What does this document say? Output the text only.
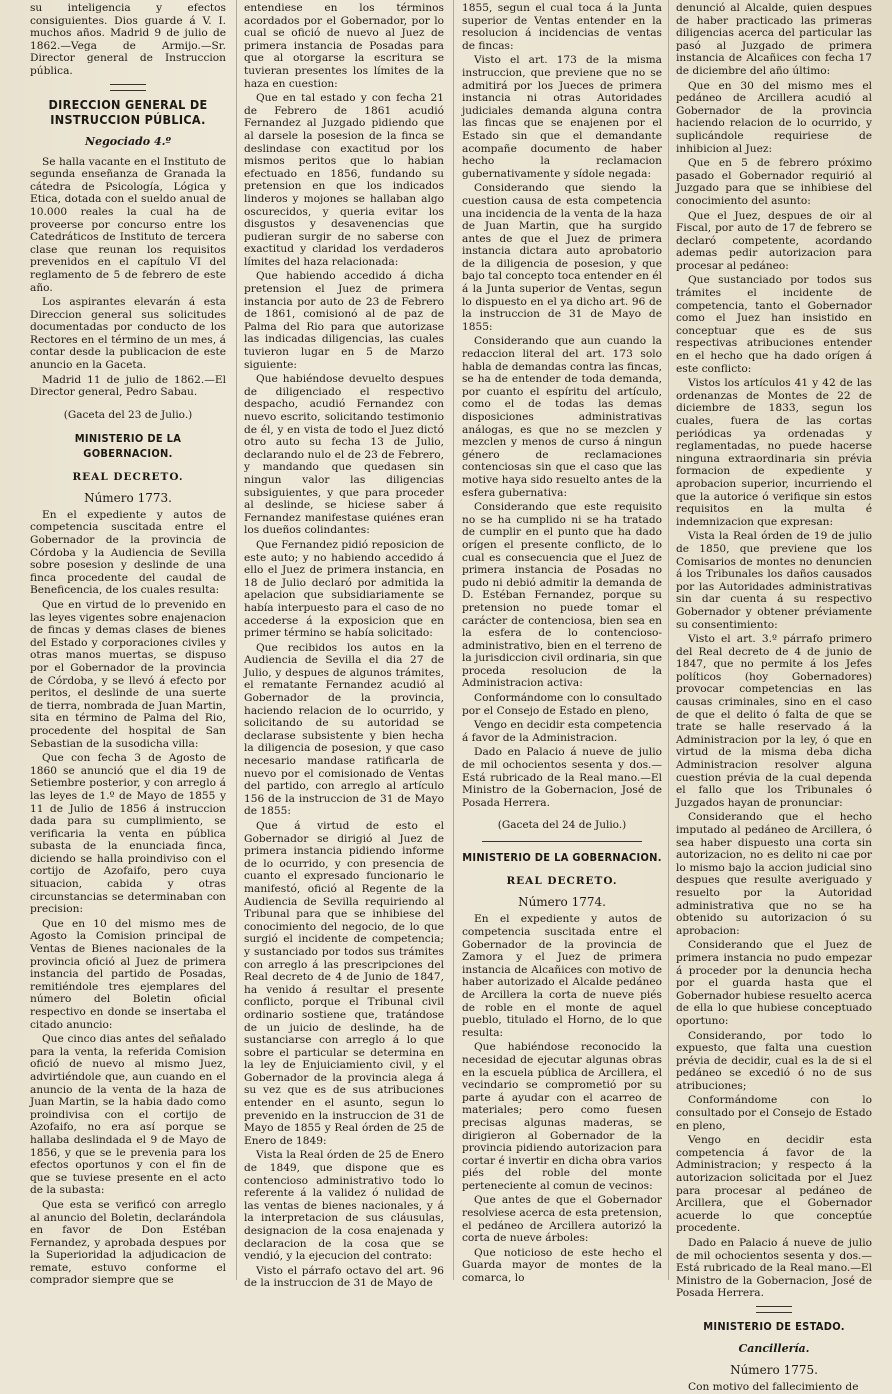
su inteligencia y efectos consiguientes. Dios guarde á V. I. muchos años. Madrid 9 de julio de 1862.—Vega de Armijo.—Sr. Director general de Instruccion pública.

DIRECCION GENERAL DE INSTRUCCION PÚBLICA.
Negociado 4.º

Se halla vacante en el Instituto de segunda enseñanza de Granada la cátedra de Psicología, Lógica y Etica, dotada con el sueldo anual de 10.000 reales la cual ha de proveerse por concurso entre los Catedráticos de Instituto de tercera clase que reunan los requisitos prevenidos en el capítulo VI del reglamento de 5 de febrero de este año.

Los aspirantes elevarán á esta Direccion general sus solicitudes documentadas por conducto de los Rectores en el término de un mes, á contar desde la publicacion de este anuncio en la Gaceta.

Madrid 11 de julio de 1862.—El Director general, Pedro Sabau.

(Gaceta del 23 de Julio.)
MINISTERIO DE LA GOBERNACION.
REAL DECRETO.
Número 1773.

En el expediente y autos de competencia suscitada entre el Gobernador de la provincia de Córdoba y la Audiencia de Sevilla sobre posesion y deslinde de una finca procedente del caudal de Beneficencia, de los cuales resulta:

Que en virtud de lo prevenido en las leyes vigentes sobre enajenacion de fincas y demas clases de bienes del Estado y corporaciones civiles y otras manos muertas, se dispuso por el Gobernador de la provincia de Córdoba, y se llevó á efecto por peritos, el deslinde de una suerte de tierra, nombrada de Juan Martin, sita en término de Palma del Rio, procedente del hospital de San Sebastian de la susodicha villa:

Que con fecha 3 de Agosto de 1860 se anunció que el dia 19 de Setiembre posterior, y con arreglo á las leyes de 1.º de Mayo de 1855 y 11 de Julio de 1856 á instruccion dada para su cumplimiento, se verificaria la venta en pública subasta de la enunciada finca, diciendo se halla proindiviso con el cortijo de Azofaifo, pero cuya situacion, cabida y otras circunstancias se determinaban con precision:

Que en 10 del mismo mes de Agosto la Comision principal de Ventas de Bienes nacionales de la provincia ofició al Juez de primera instancia del partido de Posadas, remitiéndole tres ejemplares del número del Boletin oficial respectivo en donde se insertaba el citado anuncio:

Que cinco dias antes del señalado para la venta, la referida Comision ofició de nuevo al mismo Juez, advirtiéndole que, aun cuando en el anuncio de la venta de la haza de Juan Martin, se la habia dado como proindivisa con el cortijo de Azofaifo, no era así porque se hallaba deslindada el 9 de Mayo de 1856, y que se le prevenia para los efectos oportunos y con el fin de que se tuviese presente en el acto de la subasta:

Que esta se verificó con arreglo al anuncio del Boletin, declarándola en favor de Don Estéban Fernandez, y aprobada despues por la Superioridad la adjudicacion de remate, estuvo conforme el comprador siempre que se

entendiese en los términos acordados por el Gobernador, por lo cual se ofició de nuevo al Juez de primera instancia de Posadas para que al otorgarse la escritura se tuvieran presentes los límites de la haza en cuestion:

Que en tal estado y con fecha 21 de Febrero de 1861 acudió Fernandez al Juzgado pidiendo que al darsele la posesion de la finca se deslindase con exactitud por los mismos peritos que lo habian efectuado en 1856, fundando su pretension en que los indicados linderos y mojones se hallaban algo oscurecidos, y queria evitar los disgustos y desavenencias que pudieran surgir de no saberse con exactitud y claridad los verdaderos límites del haza relacionada:

Que habiendo accedido á dicha pretension el Juez de primera instancia por auto de 23 de Febrero de 1861, comisionó al de paz de Palma del Rio para que autorizase las indicadas diligencias, las cuales tuvieron lugar en 5 de Marzo siguiente:

Que habiéndose devuelto despues de diligenciado el respectivo despacho, acudió Fernandez con nuevo escrito, solicitando testimonio de él, y en vista de todo el Juez dictó otro auto su fecha 13 de Julio, declarando nulo el de 23 de Febrero, y mandando que quedasen sin ningun valor las diligencias subsiguientes, y que para proceder al deslinde, se hiciese saber á Fernandez manifestase quiénes eran los dueños colindantes:

Que Fernandez pidió reposicion de este auto; y no habiendo accedido á ello el Juez de primera instancia, en 18 de Julio declaró por admitida la apelacion que subsidiariamente se había interpuesto para el caso de no accederse á la exposicion que en primer término se había solicitado:

Que recibidos los autos en la Audiencia de Sevilla el dia 27 de Julio, y despues de algunos trámites, el rematante Fernandez acudió al Gobernador de la provincia, haciendo relacion de lo ocurrido, y solicitando de su autoridad se declarase subsistente y bien hecha la diligencia de posesion, y que caso necesario mandase ratificarla de nuevo por el comisionado de Ventas del partido, con arreglo al artículo 156 de la instruccion de 31 de Mayo de 1855:

Que á virtud de esto el Gobernador se dirigió al Juez de primera instancia pidiendo informe de lo ocurrido, y con presencia de cuanto el expresado funcionario le manifestó, ofició al Regente de la Audiencia de Sevilla requiriendo al Tribunal para que se inhibiese del conocimiento del negocio, de lo que surgió el incidente de competencia; y sustanciado por todos sus trámites con arreglo á las prescripciones del Real decreto de 4 de Junio de 1847, ha venido á resultar el presente conflicto, porque el Tribunal civil ordinario sostiene que, tratándose de un juicio de deslinde, ha de sustanciarse con arreglo á lo que sobre el particular se determina en la ley de Enjuiciamiento civil, y el Gobernador de la provincia alega á su vez que es de sus atribuciones entender en el asunto, segun lo prevenido en la instruccion de 31 de Mayo de 1855 y Real órden de 25 de Enero de 1849:

Vista la Real órden de 25 de Enero de 1849, que dispone que es contencioso administrativo todo lo referente á la validez ó nulidad de las ventas de bienes nacionales, y á la interpretacion de sus cláusulas, designacion de la cosa enajenada y declaracion de la cosa que se vendió, y la ejecucion del contrato:

Visto el párrafo octavo del art. 96 de la instruccion de 31 de Mayo de

1855, segun el cual toca á la Junta superior de Ventas entender en la resolucion á incidencias de ventas de fincas:

Visto el art. 173 de la misma instruccion, que previene que no se admitirá por los Jueces de primera instancia ni otras Autoridades judiciales demanda alguna contra las fincas que se enajenen por el Estado sin que el demandante acompañe documento de haber hecho la reclamacion gubernativamente y sídole negada:

Considerando que siendo la cuestion causa de esta competencia una incidencia de la venta de la haza de Juan Martin, que ha surgido antes de que el Juez de primera instancia dictara auto aprobatorio de la diligencia de posesion, y que bajo tal concepto toca entender en él á la Junta superior de Ventas, segun lo dispuesto en el ya dicho art. 96 de la instruccion de 31 de Mayo de 1855:

Considerando que aun cuando la redaccion literal del art. 173 solo habla de demandas contra las fincas, se ha de entender de toda demanda, por cuanto el espíritu del artículo, como el de todas las demas disposiciones administrativas análogas, es que no se mezclen y mezclen y menos de curso á ningun género de reclamaciones contenciosas sin que el caso que las motive haya sido resuelto antes de la esfera gubernativa:

Considerando que este requisito no se ha cumplido ni se ha tratado de cumplir en el punto que ha dado orígen el presente conflicto, de lo cual es consecuencia que el Juez de primera instancia de Posadas no pudo ni debió admitir la demanda de D. Estéban Fernandez, porque su pretension no puede tomar el carácter de contenciosa, bien sea en la esfera de lo contencioso-administrativo, bien en el terreno de la jurisdiccion civil ordinaria, sin que proceda resolucion de la Administracion activa:

Conformándome con lo consultado por el Consejo de Estado en pleno,

Vengo en decidir esta competencia á favor de la Administracion.

Dado en Palacio á nueve de julio de mil ochocientos sesenta y dos.—Está rubricado de la Real mano.—El Ministro de la Gobernacion, José de Posada Herrera.

(Gaceta del 24 de Julio.)
MINISTERIO DE LA GOBERNACION.
REAL DECRETO.
Número 1774.

En el expediente y autos de competencia suscitada entre el Gobernador de la provincia de Zamora y el Juez de primera instancia de Alcañices con motivo de haber autorizado el Alcalde pedáneo de Arcillera la corta de nueve piés de roble en el monte de aquel pueblo, titulado el Horno, de lo que resulta:

Que habiéndose reconocido la necesidad de ejecutar algunas obras en la escuela pública de Arcillera, el vecindario se comprometió por su parte á ayudar con el acarreo de materiales; pero como fuesen precisas algunas maderas, se dirigieron al Gobernador de la provincia pidiendo autorizacion para cortar é invertir en dicha obra varios piés del roble del monte perteneciente al comun de vecinos:

Que antes de que el Gobernador resolviese acerca de esta pretension, el pedáneo de Arcillera autorizó la corta de nueve árboles:

Que noticioso de este hecho el Guarda mayor de montes de la comarca, lo

denunció al Alcalde, quien despues de haber practicado las primeras diligencias acerca del particular las pasó al Juzgado de primera instancia de Alcañices con fecha 17 de diciembre del año último:

Que en 30 del mismo mes el pedáneo de Arcillera acudió al Gobernador de la provincia haciendo relacion de lo ocurrido, y suplicándole requiriese de inhibicion al Juez:

Que en 5 de febrero próximo pasado el Gobernador requirió al Juzgado para que se inhibiese del conocimiento del asunto:

Que el Juez, despues de oir al Fiscal, por auto de 17 de febrero se declaró competente, acordando ademas pedir autorizacion para procesar al pedáneo:

Que sustanciado por todos sus trámites el incidente de competencia, tanto el Gobernador como el Juez han insistido en conceptuar que es de sus respectivas atribuciones entender en el hecho que ha dado orígen á este conflicto:

Vistos los artículos 41 y 42 de las ordenanzas de Montes de 22 de diciembre de 1833, segun los cuales, fuera de las cortas periódicas ya ordenadas y reglamentadas, no puede hacerse ninguna extraordinaria sin prévia formacion de expediente y aprobacion superior, incurriendo el que la autorice ó verifique sin estos requisitos en la multa é indemnizacion que expresan:

Vista la Real órden de 19 de julio de 1850, que previene que los Comisarios de montes no denuncien á los Tribunales los daños causados por las Autoridades administrativas sin dar cuenta á su respectivo Gobernador y obtener préviamente su consentimiento:

Visto el art. 3.º párrafo primero del Real decreto de 4 de junio de 1847, que no permite á los Jefes políticos (hoy Gobernadores) provocar competencias en las causas criminales, sino en el caso de que el delito ó falta de que se trate se halle reservado á la Administracion por la ley, ó que en virtud de la misma deba dicha Administracion resolver alguna cuestion prévia de la cual dependa el fallo que los Tribunales ó Juzgados hayan de pronunciar:

Considerando que el hecho imputado al pedáneo de Arcillera, ó sea haber dispuesto una corta sin autorizacion, no es delito ni cae por lo mismo bajo la accion judicial sino despues que resulte averiguado y resuelto por la Autoridad administrativa que no se ha obtenido su autorizacion ó su aprobacion:

Considerando que el Juez de primera instancia no pudo empezar á proceder por la denuncia hecha por el guarda hasta que el Gobernador hubiese resuelto acerca de ella lo que hubiese conceptuado oportuno:

Considerando, por todo lo expuesto, que falta una cuestion prévia de decidir, cual es la de si el pedáneo se excedió ó no de sus atribuciones;

Conformándome con lo consultado por el Consejo de Estado en pleno,

Vengo en decidir esta competencia á favor de la Administracion; y respecto á la autorizacion solicitada por el Juez para procesar al pedáneo de Arcillera, que el Gobernador acuerde lo que conceptúe procedente.

Dado en Palacio á nueve de julio de mil ochocientos sesenta y dos.—Está rubricado de la Real mano.—El Ministro de la Gobernacion, José de Posada Herrera.

MINISTERIO DE ESTADO.
Cancillería.
Número 1775.

Con motivo del fallecimiento de
